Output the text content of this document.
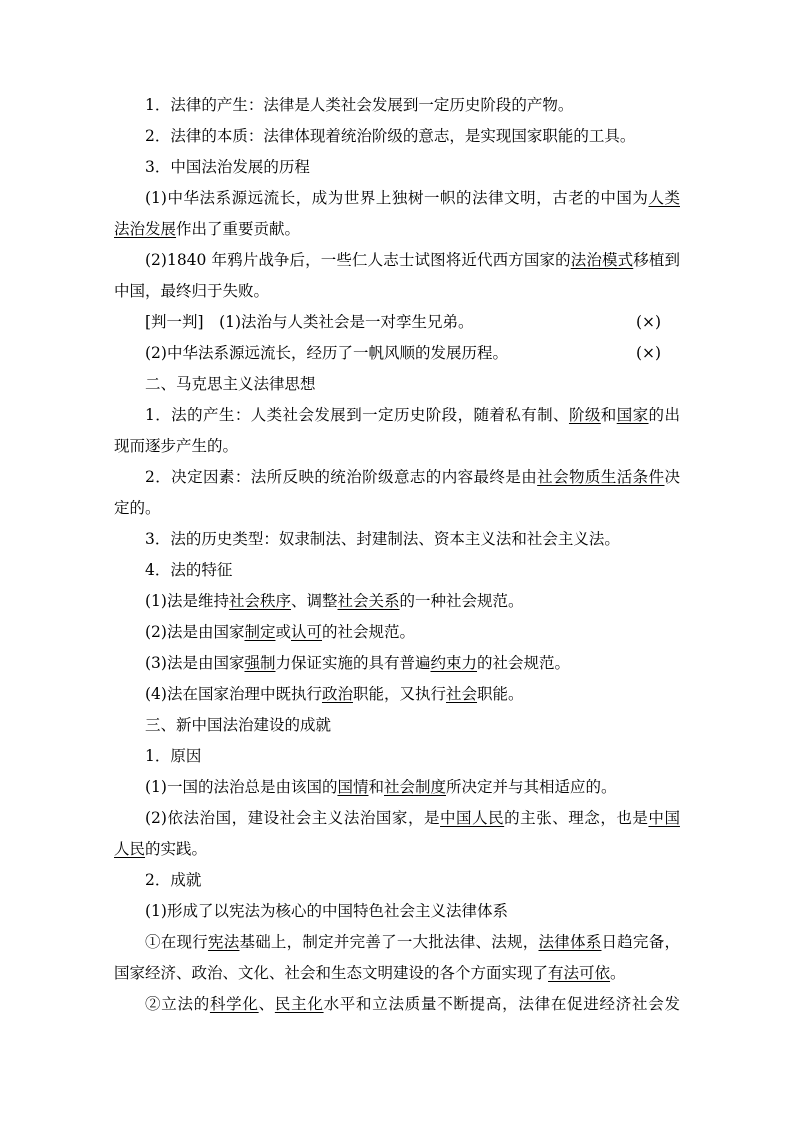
1．法律的产生：法律是人类社会发展到一定历史阶段的产物。
2．法律的本质：法律体现着统治阶级的意志，是实现国家职能的工具。
3．中国法治发展的历程
(1)中华法系源远流长，成为世界上独树一帜的法律文明，古老的中国为人类
法治发展作出了重要贡献。
(2)1840 年鸦片战争后，一些仁人志士试图将近代西方国家的法治模式移植到
中国，最终归于失败。
[判一判]　(1)法治与人类社会是一对孪生兄弟。	(×)
(2)中华法系源远流长，经历了一帆风顺的发展历程。	(×)
二、马克思主义法律思想
1．法的产生：人类社会发展到一定历史阶段，随着私有制、阶级和国家的出
现而逐步产生的。
2．决定因素：法所反映的统治阶级意志的内容最终是由社会物质生活条件决
定的。
3．法的历史类型：奴隶制法、封建制法、资本主义法和社会主义法。
4．法的特征
(1)法是维持社会秩序、调整社会关系的一种社会规范。
(2)法是由国家制定或认可的社会规范。
(3)法是由国家强制力保证实施的具有普遍约束力的社会规范。
(4)法在国家治理中既执行政治职能，又执行社会职能。
三、新中国法治建设的成就
1．原因
(1)一国的法治总是由该国的国情和社会制度所决定并与其相适应的。
(2)依法治国，建设社会主义法治国家，是中国人民的主张、理念，也是中国
人民的实践。
2．成就
(1)形成了以宪法为核心的中国特色社会主义法律体系
①在现行宪法基础上，制定并完善了一大批法律、法规，法律体系日趋完备，
国家经济、政治、文化、社会和生态文明建设的各个方面实现了有法可依。
②立法的科学化、民主化水平和立法质量不断提高，法律在促进经济社会发
